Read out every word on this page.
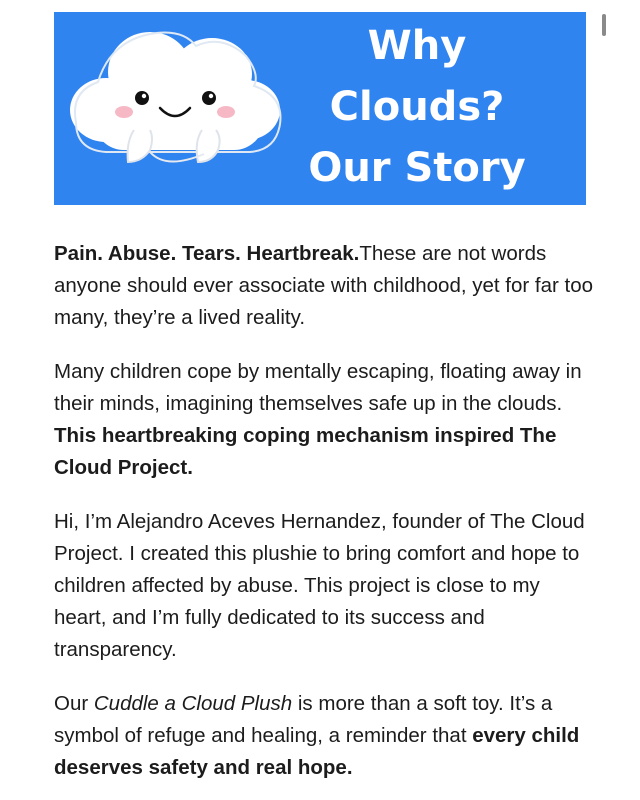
Why
Clouds?
Our Story

Pain. Abuse. Tears. Heartbreak.These are not words anyone should ever associate with childhood, yet for far too many, they’re a lived reality.

Many children cope by mentally escaping, floating away in their minds, imagining themselves safe up in the clouds. This heartbreaking coping mechanism inspired The Cloud Project.

Hi, I’m Alejandro Aceves Hernandez, founder of The Cloud Project. I created this plushie to bring comfort and hope to children affected by abuse. This project is close to my heart, and I’m fully dedicated to its success and transparency.

Our Cuddle a Cloud Plush is more than a soft toy. It’s a symbol of refuge and healing, a reminder that every child deserves safety and real hope.
